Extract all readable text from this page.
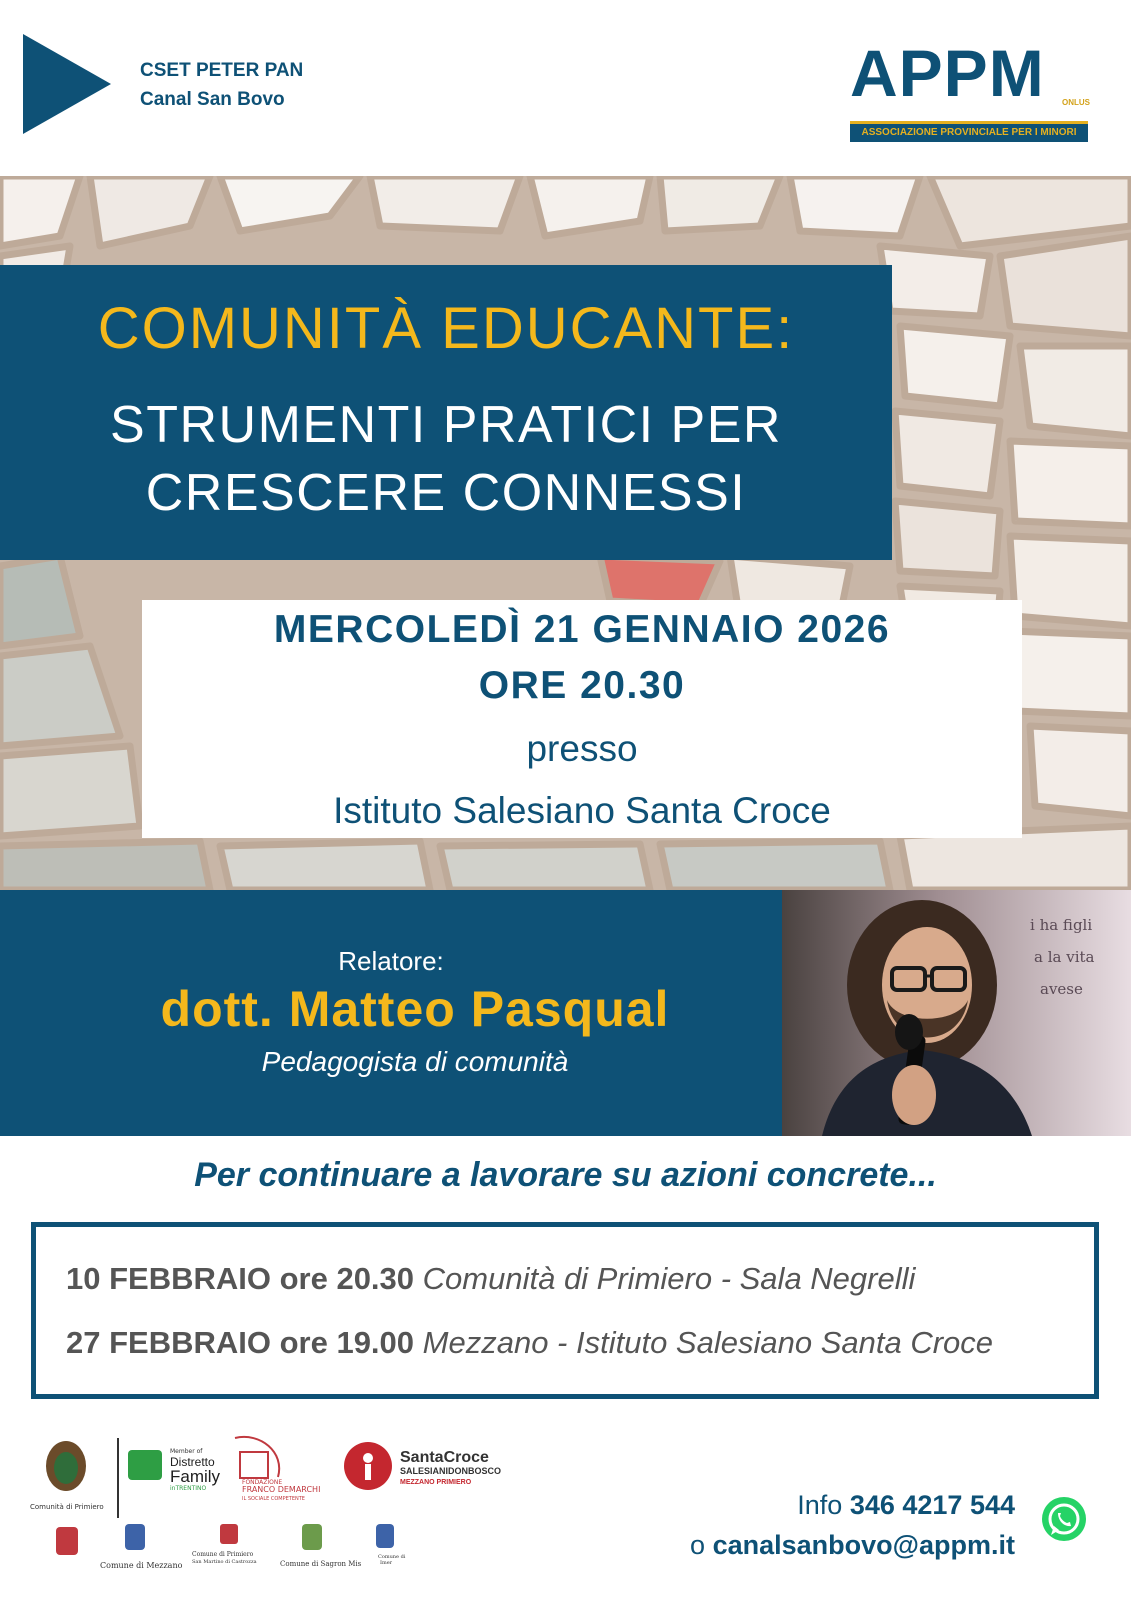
CSET PETER PAN
Canal San Bovo	APPM ONLUS
ASSOCIAZIONE PROVINCIALE PER I MINORI
COMUNITÀ EDUCANTE:
STRUMENTI PRATICI PER
CRESCERE CONNESSI
MERCOLEDÌ 21 GENNAIO 2026
ORE 20.30
presso
Istituto Salesiano Santa Croce
Relatore:
dott. Matteo Pasqual
Pedagogista di comunità
i ha figli
a la vita
avese
Per continuare a lavorare su azioni concrete...
10 FEBBRAIO ore 20.30 Comunità di Primiero - Sala Negrelli
27 FEBBRAIO ore 19.00 Mezzano - Istituto Salesiano Santa Croce
Comunità di Primiero
Member of
Distretto
Family
inTRENTINO
FONDAZIONE
FRANCO DEMARCHI
IL SOCIALE COMPETENTE
SantaCroce
SALESIANIDONBOSCO
MEZZANO PRIMIERO
Comune di Mezzano
Comune di Primiero
San Martino di Castrozza	Comune di Sagron Mis
Comune di
Imer
Info 346 4217 544
o canalsanbovo@appm.it
